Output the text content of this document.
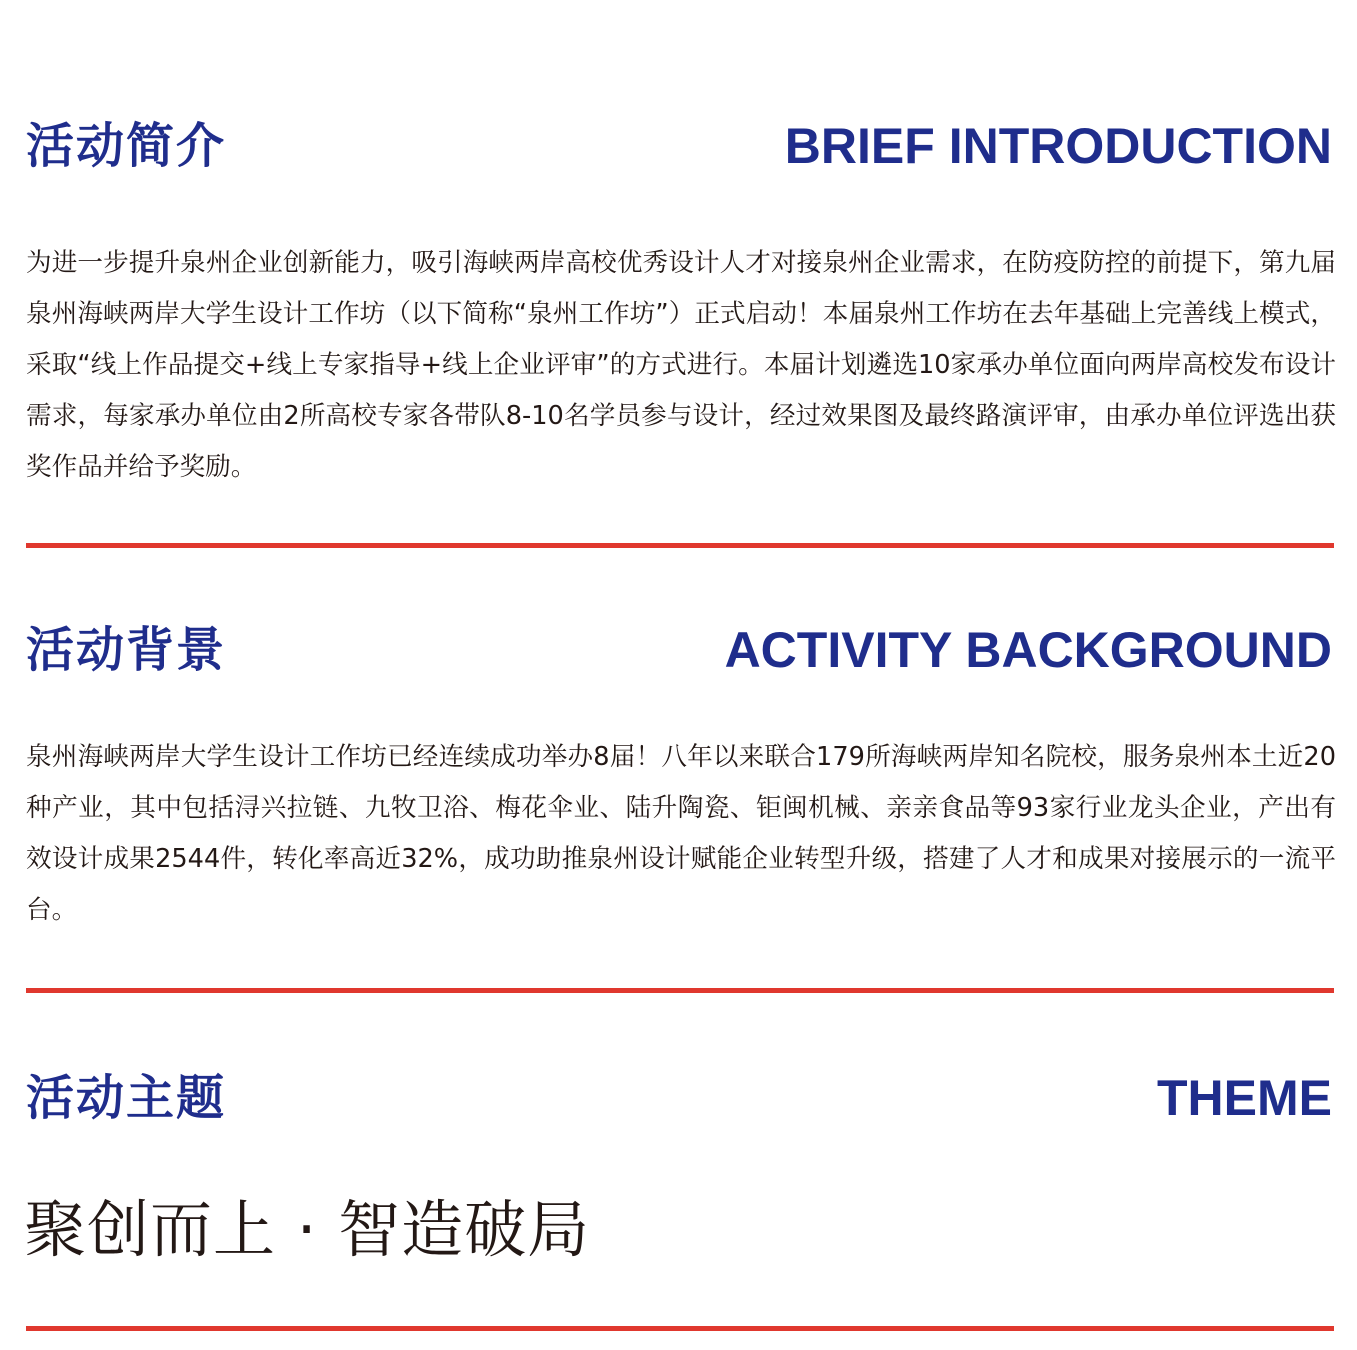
活动简介	BRIEF INTRODUCTION

为进一步提升泉州企业创新能力，吸引海峡两岸高校优秀设计人才对接泉州企业需求，在防疫防控的前提下，第九届泉州海峡两岸大学生设计工作坊（以下简称“泉州工作坊”）正式启动！本届泉州工作坊在去年基础上完善线上模式，采取“线上作品提交+线上专家指导+线上企业评审”的方式进行。本届计划遴选10家承办单位面向两岸高校发布设计需求，每家承办单位由2所高校专家各带队8-10名学员参与设计，经过效果图及最终路演评审，由承办单位评选出获奖作品并给予奖励。

活动背景	ACTIVITY BACKGROUND

泉州海峡两岸大学生设计工作坊已经连续成功举办8届！八年以来联合179所海峡两岸知名院校，服务泉州本土近20种产业，其中包括浔兴拉链、九牧卫浴、梅花伞业、陆升陶瓷、钜闽机械、亲亲食品等93家行业龙头企业，产出有效设计成果2544件，转化率高近32%，成功助推泉州设计赋能企业转型升级，搭建了人才和成果对接展示的一流平台。

活动主题	THEME
聚创而上 · 智造破局
